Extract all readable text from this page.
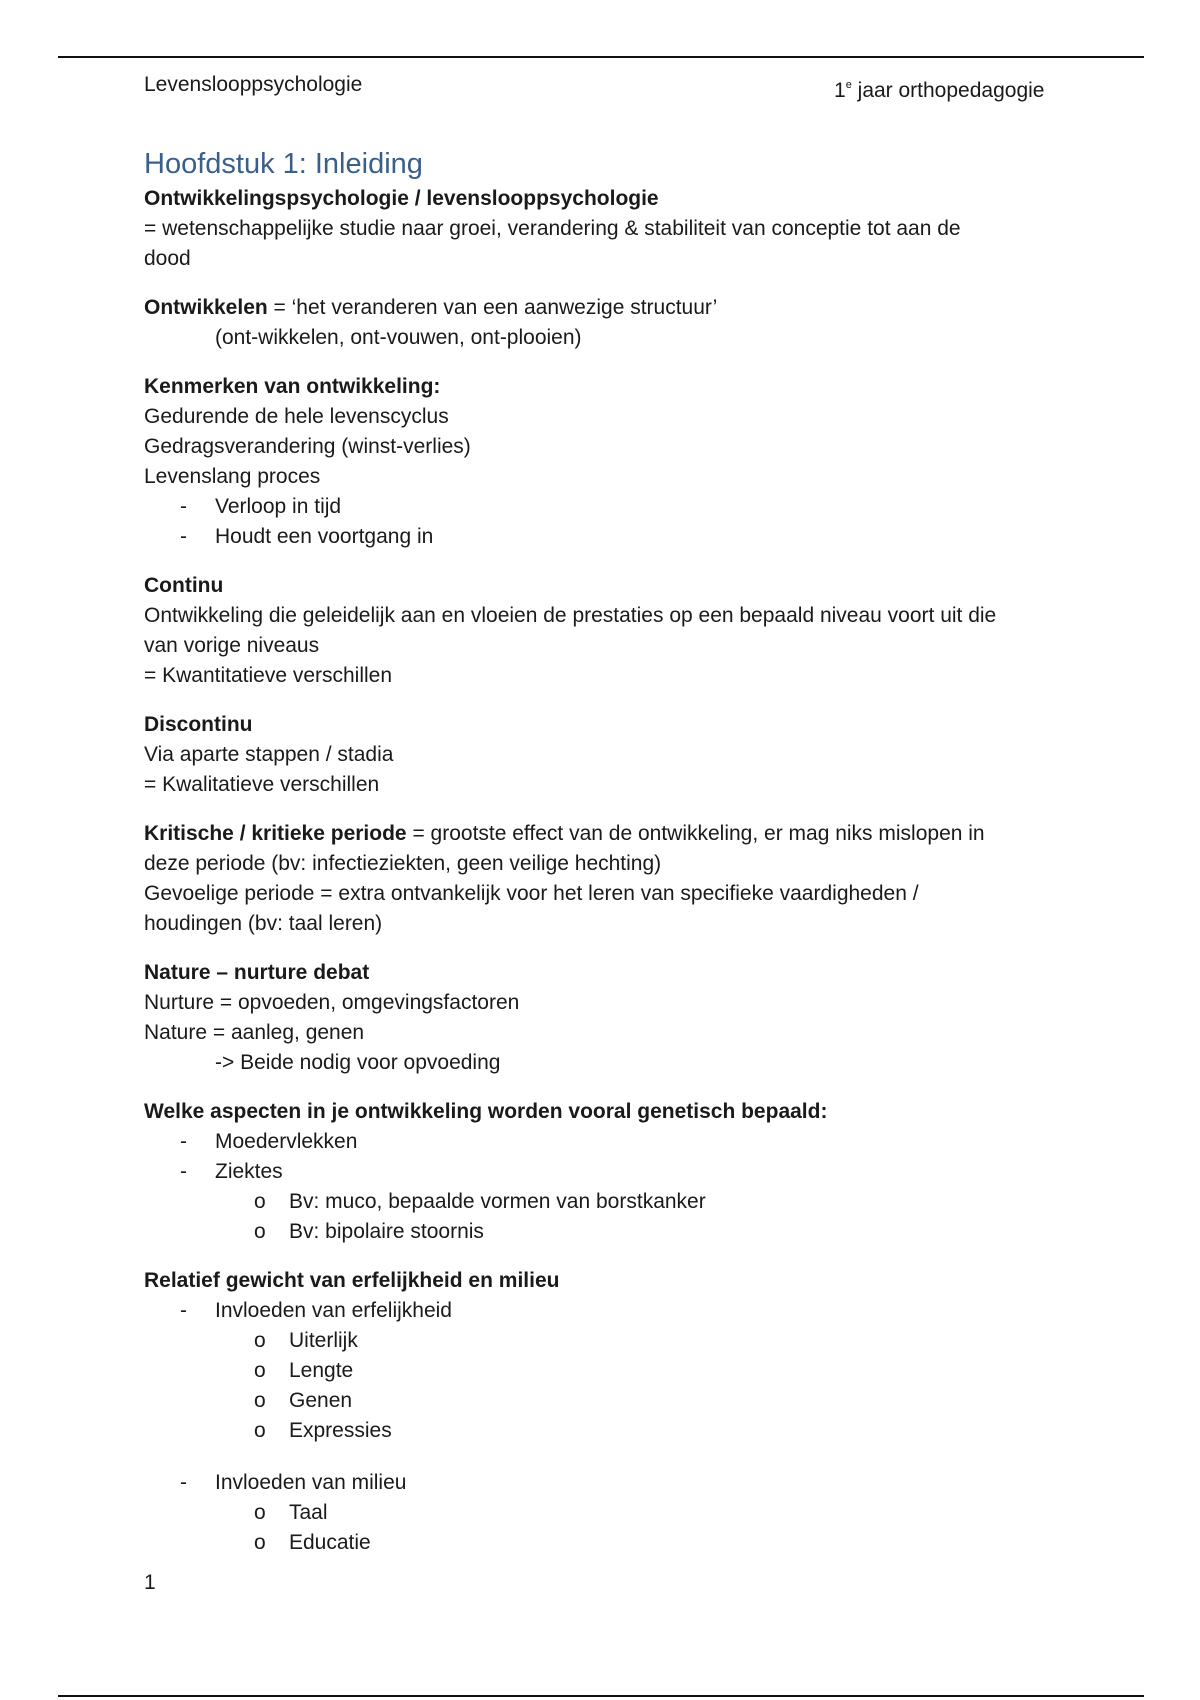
Levenslooppsychologie	1e jaar orthopedagogie
Hoofdstuk 1: Inleiding

Ontwikkelingspsychologie / levenslooppsychologie

= wetenschappelijke studie naar groei, verandering & stabiliteit van conceptie tot aan de

dood

Ontwikkelen = ‘het veranderen van een aanwezige structuur’

(ont-wikkelen, ont-vouwen, ont-plooien)

Kenmerken van ontwikkeling:

Gedurende de hele levenscyclus

Gedragsverandering (winst-verlies)

Levenslang proces

- Verloop in tijd

- Houdt een voortgang in

Continu

Ontwikkeling die geleidelijk aan en vloeien de prestaties op een bepaald niveau voort uit die

van vorige niveaus

= Kwantitatieve verschillen

Discontinu

Via aparte stappen / stadia

= Kwalitatieve verschillen

Kritische / kritieke periode = grootste effect van de ontwikkeling, er mag niks mislopen in

deze periode (bv: infectieziekten, geen veilige hechting)

Gevoelige periode = extra ontvankelijk voor het leren van specifieke vaardigheden /

houdingen (bv: taal leren)

Nature – nurture debat

Nurture = opvoeden, omgevingsfactoren

Nature = aanleg, genen

-> Beide nodig voor opvoeding

Welke aspecten in je ontwikkeling worden vooral genetisch bepaald:

- Moedervlekken

- Ziektes

o Bv: muco, bepaalde vormen van borstkanker

o Bv: bipolaire stoornis

Relatief gewicht van erfelijkheid en milieu

- Invloeden van erfelijkheid

o Uiterlijk

o Lengte

o Genen

o Expressies

- Invloeden van milieu

o Taal

o Educatie

1
